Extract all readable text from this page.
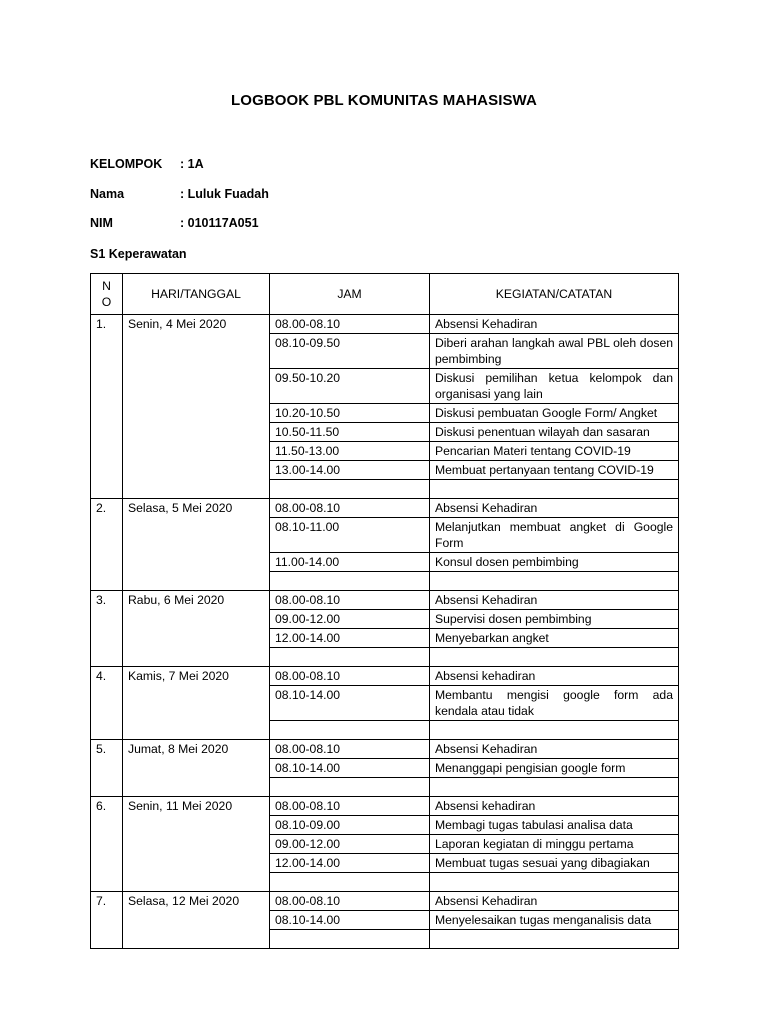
LOGBOOK PBL KOMUNITAS MAHASISWA
KELOMPOK : 1A
Nama	: Luluk Fuadah
NIM	: 010117A051
S1 Keperawatan
N
O	HARI/TANGGAL	JAM	KEGIATAN/CATATAN
1.	Senin, 4 Mei 2020	08.00-08.10	Absensi Kehadiran
		08.10-09.50	Diberi arahan langkah awal PBL oleh dosen pembimbing
		09.50-10.20	Diskusi pemilihan ketua kelompok dan organisasi yang lain
		10.20-10.50	Diskusi pembuatan Google Form/ Angket
		10.50-11.50	Diskusi penentuan wilayah dan sasaran
		11.50-13.00	Pencarian Materi tentang COVID-19
		13.00-14.00	Membuat pertanyaan tentang COVID-19

2.	Selasa, 5 Mei 2020	08.00-08.10	Absensi Kehadiran
		08.10-11.00	Melanjutkan membuat angket di Google Form
		11.00-14.00	Konsul dosen pembimbing

3.	Rabu, 6 Mei 2020	08.00-08.10	Absensi Kehadiran
		09.00-12.00	Supervisi dosen pembimbing
		12.00-14.00	Menyebarkan angket

4.	Kamis, 7 Mei 2020	08.00-08.10	Absensi kehadiran
		08.10-14.00	Membantu mengisi google form ada kendala atau tidak

5.	Jumat, 8 Mei 2020	08.00-08.10	Absensi Kehadiran
		08.10-14.00	Menanggapi pengisian google form

6.	Senin, 11 Mei 2020	08.00-08.10	Absensi kehadiran
		08.10-09.00	Membagi tugas tabulasi analisa data
		09.00-12.00	Laporan kegiatan di minggu pertama
		12.00-14.00	Membuat tugas sesuai yang dibagiakan

7.	Selasa, 12 Mei 2020	08.00-08.10	Absensi Kehadiran
		08.10-14.00	Menyelesaikan tugas menganalisis data
